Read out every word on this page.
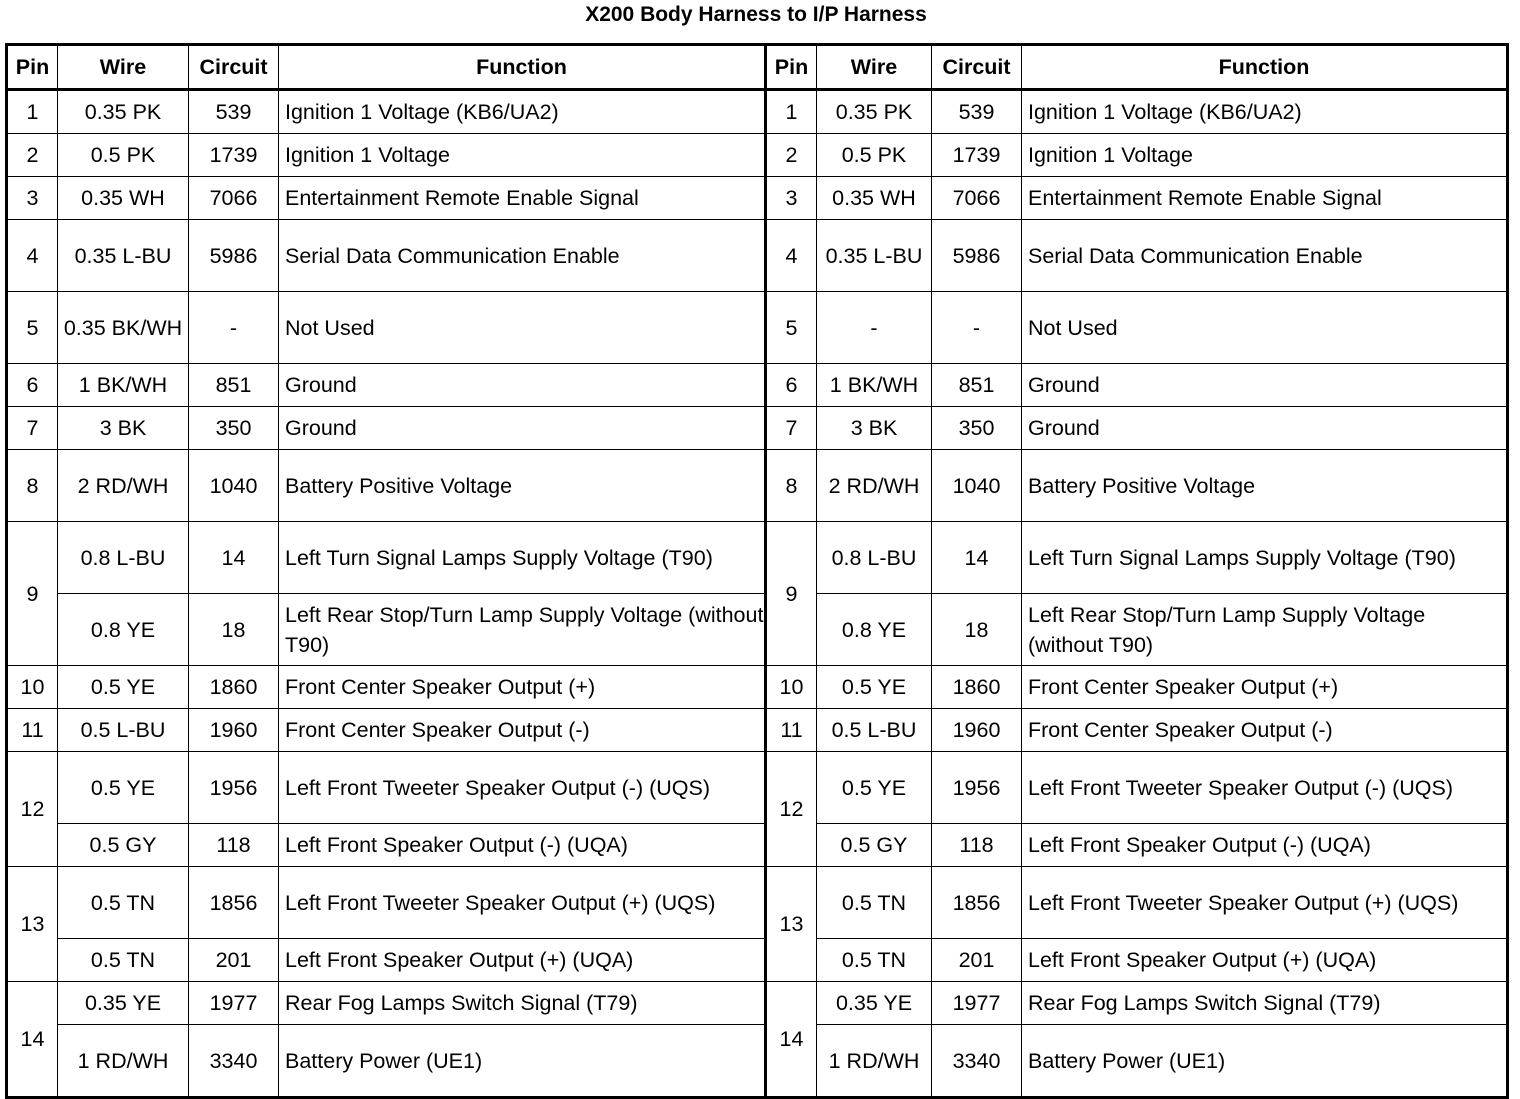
X200 Body Harness to I/P Harness
Pin	Wire	Circuit	Function	Pin	Wire	Circuit	Function
1	0.35 PK	539	Ignition 1 Voltage (KB6/UA2)	1	0.35 PK	539	Ignition 1 Voltage (KB6/UA2)
2	0.5 PK	1739	Ignition 1 Voltage	2	0.5 PK	1739	Ignition 1 Voltage
3	0.35 WH	7066	Entertainment Remote Enable Signal	3	0.35 WH	7066	Entertainment Remote Enable Signal
4	0.35 L-BU	5986	Serial Data Communication Enable	4	0.35 L-BU	5986	Serial Data Communication Enable
5	0.35 BK/WH	-	Not Used	5	-	-	Not Used
6	1 BK/WH	851	Ground	6	1 BK/WH	851	Ground
7	3 BK	350	Ground	7	3 BK	350	Ground
8	2 RD/WH	1040	Battery Positive Voltage	8	2 RD/WH	1040	Battery Positive Voltage
9	0.8 L-BU	14	Left Turn Signal Lamps Supply Voltage (T90)	9	0.8 L-BU	14	Left Turn Signal Lamps Supply Voltage (T90)
	0.8 YE	18	Left Rear Stop/Turn Lamp Supply Voltage (without T90)		0.8 YE	18	Left Rear Stop/Turn Lamp Supply Voltage (without T90)
10	0.5 YE	1860	Front Center Speaker Output (+)	10	0.5 YE	1860	Front Center Speaker Output (+)
11	0.5 L-BU	1960	Front Center Speaker Output (-)	11	0.5 L-BU	1960	Front Center Speaker Output (-)
12	0.5 YE	1956	Left Front Tweeter Speaker Output (-) (UQS)	12	0.5 YE	1956	Left Front Tweeter Speaker Output (-) (UQS)
	0.5 GY	118	Left Front Speaker Output (-) (UQA)		0.5 GY	118	Left Front Speaker Output (-) (UQA)
13	0.5 TN	1856	Left Front Tweeter Speaker Output (+) (UQS)	13	0.5 TN	1856	Left Front Tweeter Speaker Output (+) (UQS)
	0.5 TN	201	Left Front Speaker Output (+) (UQA)		0.5 TN	201	Left Front Speaker Output (+) (UQA)
14	0.35 YE	1977	Rear Fog Lamps Switch Signal (T79)	14	0.35 YE	1977	Rear Fog Lamps Switch Signal (T79)
	1 RD/WH	3340	Battery Power (UE1)		1 RD/WH	3340	Battery Power (UE1)
